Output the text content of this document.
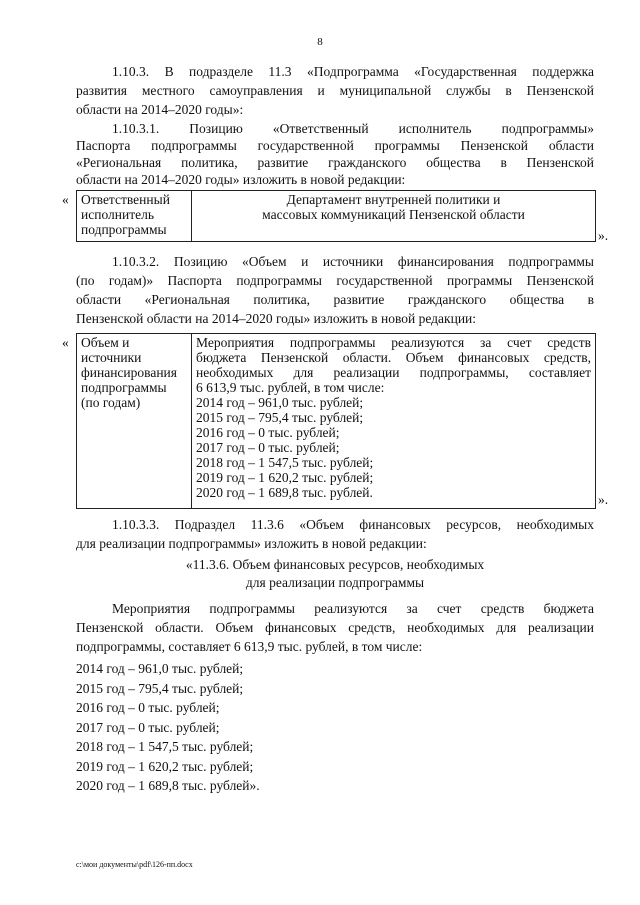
8
1.10.3. В подразделе 11.3 «Подпрограмма «Государственная поддержка
развития местного самоуправления и муниципальной службы в Пензенской
области на 2014–2020 годы»:
1.10.3.1. Позицию «Ответственный исполнитель подпрограммы»
Паспорта подпрограммы государственной программы Пензенской области
«Региональная политика, развитие гражданского общества в Пензенской
области на 2014–2020 годы» изложить в новой редакции:
« Ответственный
исполнитель
подпрограммы

Департамент внутренней политики и
массовых коммуникаций Пензенской области
».
1.10.3.2. Позицию «Объем и источники финансирования подпрограммы
(по годам)» Паспорта подпрограммы государственной программы Пензенской
области «Региональная политика, развитие гражданского общества в
Пензенской области на 2014–2020 годы» изложить в новой редакции:
« Объем и
источники
финансирования
подпрограммы
(по годам)

Мероприятия подпрограммы реализуются за счет средств
бюджета Пензенской области. Объем финансовых средств,
необходимых для реализации подпрограммы, составляет
6 613,9 тыс. рублей, в том числе:
2014 год – 961,0 тыс. рублей;
2015 год – 795,4 тыс. рублей;
2016 год – 0 тыс. рублей;
2017 год – 0 тыс. рублей;
2018 год – 1 547,5 тыс. рублей;
2019 год – 1 620,2 тыс. рублей;
2020 год – 1 689,8 тыс. рублей.	».
1.10.3.3. Подраздел 11.3.6 «Объем финансовых ресурсов, необходимых
для реализации подпрограммы» изложить в новой редакции:
«11.3.6. Объем финансовых ресурсов, необходимых
для реализации подпрограммы
Мероприятия подпрограммы реализуются за счет средств бюджета
Пензенской области. Объем финансовых средств, необходимых для реализации
подпрограммы, составляет 6 613,9 тыс. рублей, в том числе:
2014 год – 961,0 тыс. рублей;
2015 год – 795,4 тыс. рублей;
2016 год – 0 тыс. рублей;
2017 год – 0 тыс. рублей;
2018 год – 1 547,5 тыс. рублей;
2019 год – 1 620,2 тыс. рублей;
2020 год – 1 689,8 тыс. рублей».
c:\мои документы\pdf\126-пп.docx
